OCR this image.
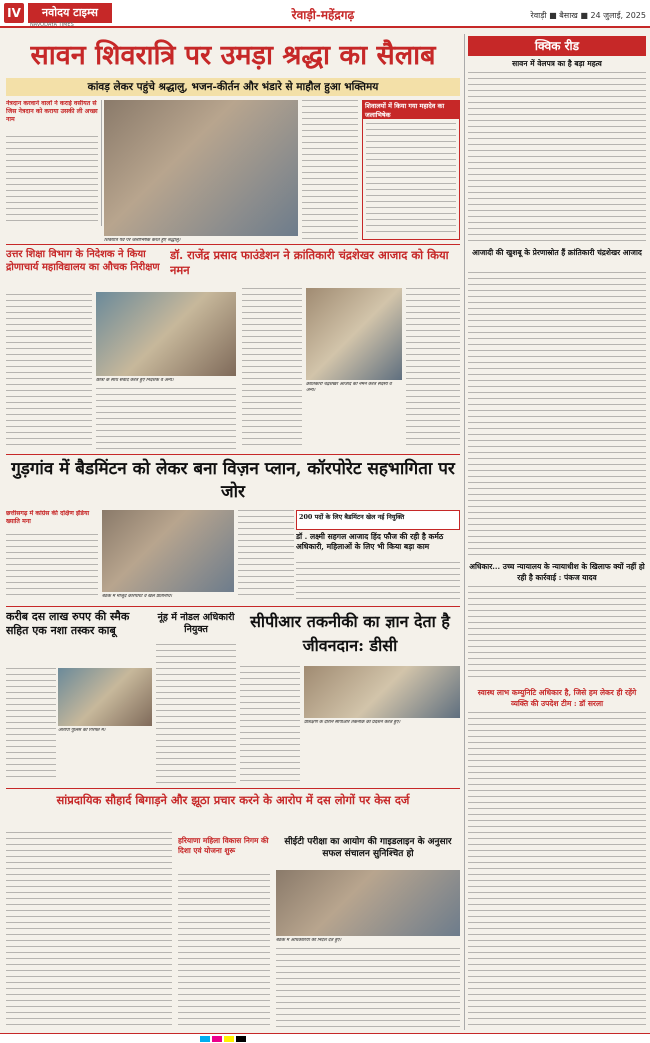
IV	नवोदय टाइम्स
NAVODAYA TIMES
रेवाड़ी-महेंद्रगढ़	रेवाड़ी ■ बैसाख ■ 24 जुलाई, 2025
सावन शिवरात्रि पर उमड़ा श्रद्धा का सैलाब
कांवड़ लेकर पहुंचे श्रद्धालु, भजन-कीर्तन और भंडारे से माहौल हुआ भक्तिमय
नेत्रदान करवाने वालों ने कराई वसीयत से जिस नेत्रदान को कराया उसकी ली अच्छा नाम
शिवरात्रि पर्व पर जलाभिषेक करते हुए श्रद्धालु।
शिवालयों में किया गया महादेव का जलाभिषेक
उत्तर शिक्षा विभाग के निदेशक ने किया द्रोणाचार्य महाविद्यालय का औचक निरीक्षण
छात्रों के साथ संवाद करते हुए निदेशक व अन्य।
डॉ. राजेंद्र प्रसाद फाउंडेशन ने क्रांतिकारी चंद्रशेखर आजाद को किया नमन
क्रांतिकारी चंद्रशेखर आजाद को नमन करते सदस्य व अन्य।
गुड़गांव में बैडमिंटन को लेकर बना विज़न प्लान, कॉरपोरेट सहभागिता पर जोर
छत्तीसगढ़ में कांग्रेस की दक्षिण इंडिया ख्याति मना
बैठक में मौजूद कॉरपोरेट व खेल प्रतिनिधि।
200 पदों के लिए बैडमिंटन खेल नई नियुक्ति
डॉ . लक्ष्मी सहगल आजाद हिंद फौज की रही है कर्मठ अधिकारी, महिलाओं के लिए भी किया बड़ा काम
करीब दस लाख रुपए की स्मैक सहित एक नशा तस्कर काबू
आरोपी पुलिस की गिरफ्त में।
नूंह में नोडल अधिकारी नियुक्त	सीपीआर तकनीकी का ज्ञान देता है जीवनदान: डीसी
प्रशिक्षण के दौरान सीपीआर तकनीक का प्रदर्शन करते हुए।
सांप्रदायिक सौहार्द बिगाड़ने और झूठा प्रचार करने के आरोप में दस लोगों पर केस दर्ज
हरियाणा महिला विकास निगम की दिशा एवं योजना शुरू
सीईटी परीक्षा का आयोग की गाइडलाइन के अनुसार सफल संचालन सुनिश्चित हो
बैठक में अधिकारियों को निर्देश देते हुए।
क्विक रीड
सावन में वेलपत्र का है बड़ा महत्व
आजादी की खुशबू के प्रेरणास्रोत हैं क्रांतिकारी चंद्रशेखर आजाद
अधिकार... उच्च न्यायालय के न्यायाधीश के खिलाफ क्यों नहीं हो रही है कार्रवाई : पंकज यादव
स्वास्थ लाभ कम्युनिटि अधिकार है, जिसे हम लेकर ही रहेंगे व्यक्ति की उपदेश टीम : डॉ सरला
